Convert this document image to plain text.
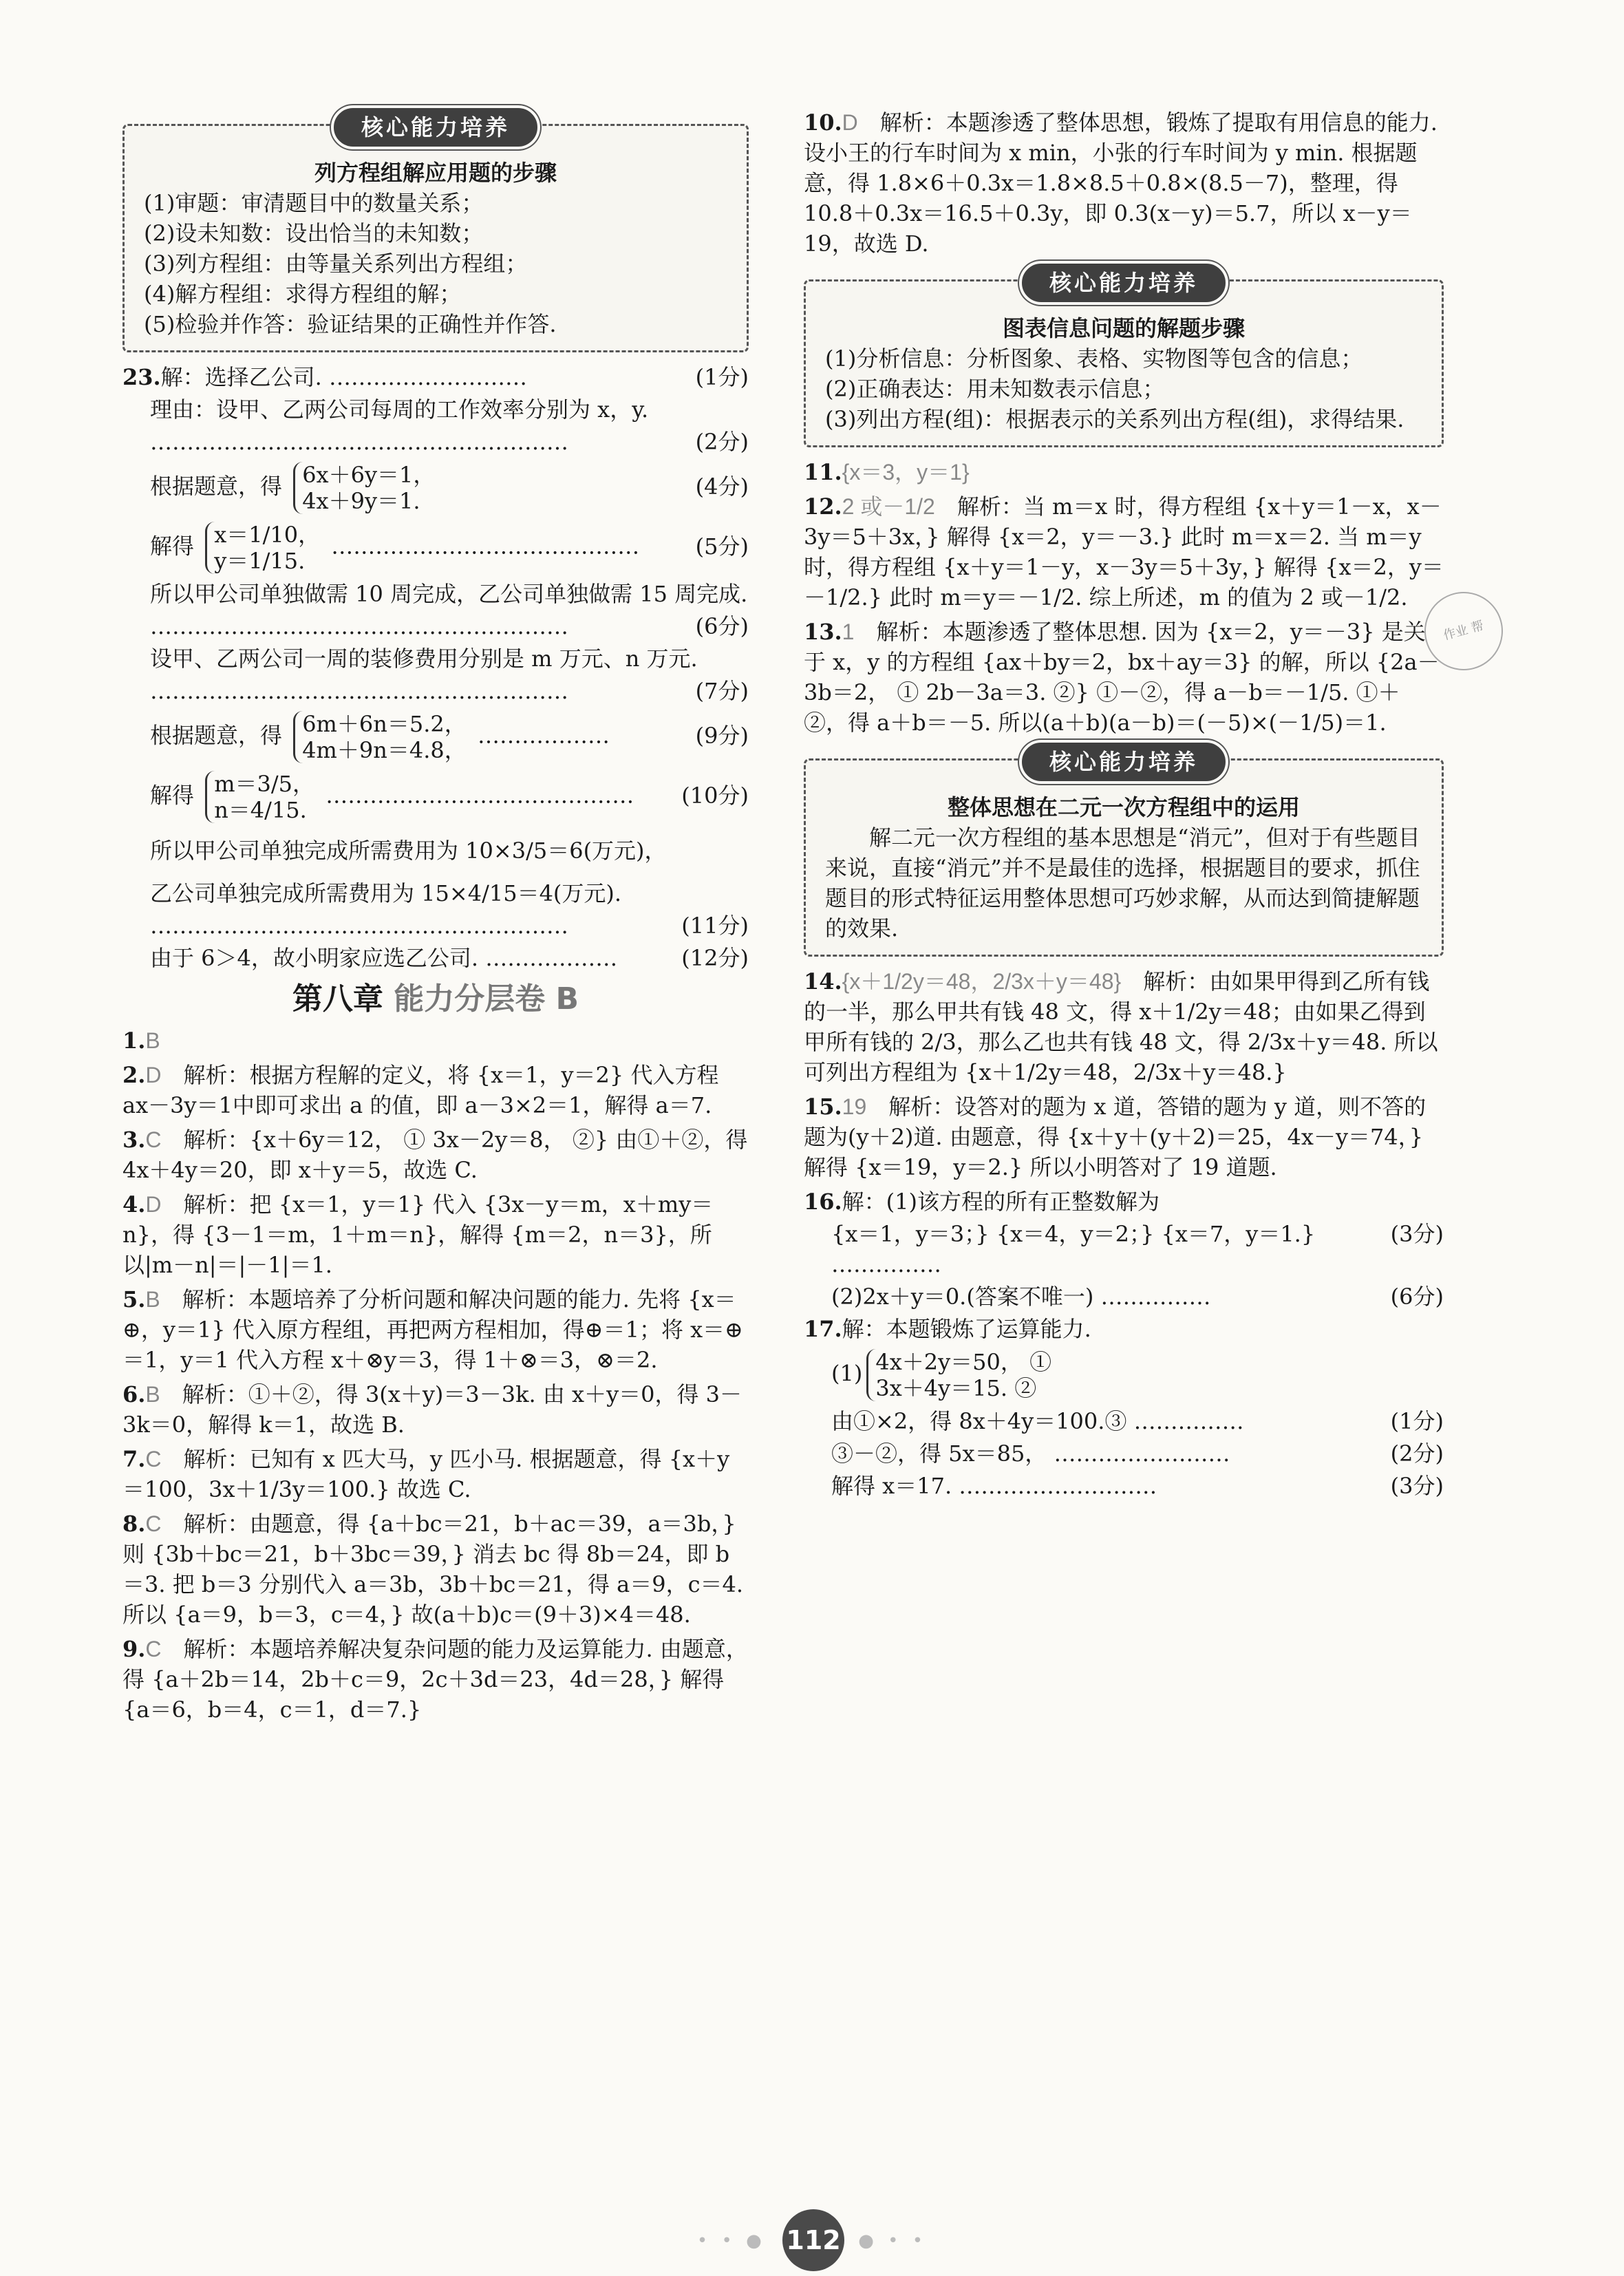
核心能力培养
列方程组解应用题的步骤

(1)审题：审清题目中的数量关系；

(2)设未知数：设出恰当的未知数；

(3)列方程组：由等量关系列出方程组；

(4)解方程组：求得方程组的解；

(5)检验并作答：验证结果的正确性并作答.

23.解：选择乙公司. ………………………	(1分)
理由：设甲、乙两公司每周的工作效率分别为 x，y.
…………………………………………………	(2分)
根据题意，得 6x＋6y＝1，
4x＋9y＝1.
(4分)
解得 x＝1/10，
y＝1/15.
……………………………………	(5分)
所以甲公司单独做需 10 周完成，乙公司单独做需 15 周完成.
…………………………………………………	(6分)
设甲、乙两公司一周的装修费用分别是 m 万元、n 万元.
…………………………………………………	(7分)
根据题意，得 6m＋6n＝5.2，
4m＋9n＝4.8，
………………	(9分)
解得 m＝3/5，
n＝4/15.
……………………………………	(10分)
所以甲公司单独完成所需费用为 10×3/5＝6(万元)，
乙公司单独完成所需费用为 15×4/15＝4(万元).
…………………………………………………	(11分)
由于 6＞4，故小明家应选乙公司. ………………	(12分)
第八章 能力分层卷 B
1.B
2.D　 解析：根据方程解的定义，将 {x＝1，y＝2} 代入方程 ax－3y＝1中即可求出 a 的值，即 a－3×2＝1，解得 a＝7.
3.C　 解析：{x＋6y＝12， ① 3x－2y＝8， ②} 由①＋②，得 4x＋4y＝20，即 x＋y＝5，故选 C.
4.D　 解析：把 {x＝1，y＝1} 代入 {3x－y＝m，x＋my＝n}，得 {3－1＝m，1＋m＝n}，解得 {m＝2，n＝3}，所以|m－n|＝|－1|＝1.
5.B　 解析：本题培养了分析问题和解决问题的能力. 先将 {x＝⊕，y＝1} 代入原方程组，再把两方程相加，得⊕＝1；将 x＝⊕＝1，y＝1 代入方程 x＋⊗y＝3，得 1＋⊗＝3，⊗＝2.
6.B　 解析：①＋②，得 3(x＋y)＝3－3k. 由 x＋y＝0，得 3－3k＝0，解得 k＝1，故选 B.
7.C　 解析：已知有 x 匹大马，y 匹小马. 根据题意，得 {x＋y＝100，3x＋1/3y＝100.} 故选 C.
8.C　 解析：由题意，得 {a＋bc＝21，b＋ac＝39，a＝3b，} 则 {3b＋bc＝21，b＋3bc＝39，} 消去 bc 得 8b＝24，即 b＝3. 把 b＝3 分别代入 a＝3b，3b＋bc＝21，得 a＝9，c＝4. 所以 {a＝9，b＝3，c＝4，} 故(a＋b)c＝(9＋3)×4＝48.
9.C　 解析：本题培养解决复杂问题的能力及运算能力. 由题意，得 {a＋2b＝14，2b＋c＝9，2c＋3d＝23，4d＝28，} 解得 {a＝6，b＝4，c＝1，d＝7.}
10.D　 解析：本题渗透了整体思想，锻炼了提取有用信息的能力. 设小王的行车时间为 x min，小张的行车时间为 y min. 根据题意，得 1.8×6＋0.3x＝1.8×8.5＋0.8×(8.5－7)，整理，得 10.8＋0.3x＝16.5＋0.3y，即 0.3(x－y)＝5.7，所以 x－y＝19，故选 D.
核心能力培养
图表信息问题的解题步骤

(1)分析信息：分析图象、表格、实物图等包含的信息；

(2)正确表达：用未知数表示信息；

(3)列出方程(组)：根据表示的关系列出方程(组)，求得结果.

11.{x＝3，y＝1}
12.2 或－1/2　 解析：当 m＝x 时，得方程组 {x＋y＝1－x，x－3y＝5＋3x，} 解得 {x＝2，y＝－3.} 此时 m＝x＝2. 当 m＝y 时，得方程组 {x＋y＝1－y，x－3y＝5＋3y，} 解得 {x＝2，y＝－1/2.} 此时 m＝y＝－1/2. 综上所述，m 的值为 2 或－1/2.
13.1　 解析：本题渗透了整体思想. 因为 {x＝2，y＝－3} 是关于 x，y 的方程组 {ax＋by＝2，bx＋ay＝3} 的解，所以 {2a－3b＝2， ① 2b－3a＝3. ②} ①－②，得 a－b＝－1/5. ①＋②，得 a＋b＝－5. 所以(a＋b)(a－b)＝(－5)×(－1/5)＝1.
核心能力培养
整体思想在二元一次方程组中的运用

解二元一次方程组的基本思想是“消元”，但对于有些题目来说，直接“消元”并不是最佳的选择，根据题目的要求，抓住题目的形式特征运用整体思想可巧妙求解，从而达到简捷解题的效果.

14.{x＋1/2y＝48，2/3x＋y＝48}　 解析：由如果甲得到乙所有钱的一半，那么甲共有钱 48 文，得 x＋1/2y＝48；由如果乙得到甲所有钱的 2/3，那么乙也共有钱 48 文，得 2/3x＋y＝48. 所以可列出方程组为 {x＋1/2y＝48，2/3x＋y＝48.}
15.19　 解析：设答对的题为 x 道，答错的题为 y 道，则不答的题为(y＋2)道. 由题意，得 {x＋y＋(y＋2)＝25，4x－y＝74，} 解得 {x＝19，y＝2.} 所以小明答对了 19 道题.
16.解：(1)该方程的所有正整数解为
{x＝1，y＝3；} {x＝4，y＝2；} {x＝7，y＝1.} ……………
(3分)
(2)2x＋y＝0.(答案不唯一) ……………	(6分)
17.解：本题锻炼了运算能力.
(1) 4x＋2y＝50， ①
3x＋4y＝15. ②
由①×2，得 8x＋4y＝100.③ ……………	(1分)
③－②，得 5x＝85， ……………………	(2分)
解得 x＝17. ………………………	(3分)
作业 帮
• • ● 112 ● • •
